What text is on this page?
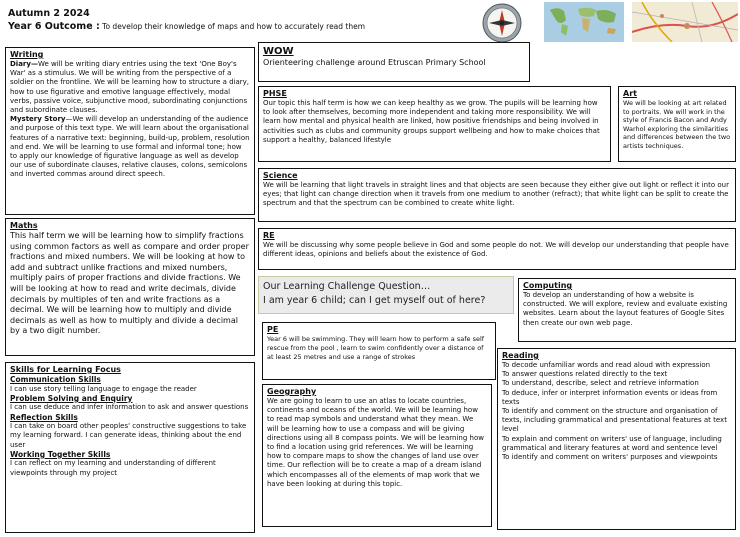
Autumn 2 2024
Year 6 Outcome : To develop their knowledge of maps and how to accurately read them
Writing
Diary—We will be writing diary entries using the text 'One Boy's War' as a stimulus. We will be writing from the perspective of a soldier on the frontline. We will be learning how to structure a diary, how to use figurative and emotive language effectively, modal verbs, passive voice, subjunctive mood, subordinating conjunctions and subordinate clauses.
Mystery Story—We will develop an understanding of the audience and purpose of this text type. We will learn about the organisational features of a narrative text: beginning, build-up, problem, resolution and end. We will be learning to use formal and informal tone; how to apply our knowledge of figurative language as well as develop our use of subordinate clauses, relative clauses, colons, semicolons and inverted commas around direct speech.
Maths
This half term we will be learning how to simplify fractions using common factors as well as compare and order proper fractions and mixed numbers. We will be looking at how to add and subtract unlike fractions and mixed numbers, multiply pairs of proper fractions and divide fractions. We will be looking at how to read and write decimals, divide decimals by multiples of ten and write fractions as a decimal. We will be learning how to multiply and divide decimals as well as how to multiply and divide a decimal by a two digit number.
Skills for Learning Focus
Communication Skills
I can use story telling language to engage the reader
Problem Solving and Enquiry
I can use deduce and infer information to ask and answer questions
Reflection Skills
I can take on board other peoples' constructive suggestions to take my learning forward. I can generate ideas, thinking about the end user
Working Together Skills
I can reflect on my learning and understanding of different viewpoints through my project
WOW
Orienteering challenge around Etruscan Primary School
PHSE
Our topic this half term is how we can keep healthy as we grow. The pupils will be learning how to look after themselves, becoming more independent and taking more responsibility. We will learn how mental and physical health are linked, how positive friendships and being involved in activities such as clubs and community groups support wellbeing and how to make choices that support a healthy, balanced lifestyle
Art
We will be looking at art related to portraits. We will work in the style of Francis Bacon and Andy Warhol exploring the similarities and differences between the two artists techniques.
Science
We will be learning that light travels in straight lines and that objects are seen because they either give out light or reflect it into our eyes; that light can change direction when it travels from one medium to another (refract); that white light can be split to create the spectrum and that the spectrum can be combined to create white light.
RE
We will be discussing why some people believe in God and some people do not. We will develop our understanding that people have different ideas, opinions and beliefs about the existence of God.
Our Learning Challenge Question…
I am year 6 child; can I get myself out of here?
PE
Year 6 will be swimming. They will learn how to perform a safe self rescue from the pool , learn to swim confidently over a distance of at least 25 metres and use a range of strokes
Geography
We are going to learn to use an atlas to locate countries, continents and oceans of the world. We will be learning how to read map symbols and understand what they mean. We will be learning how to use a compass and will be giving directions using all 8 compass points. We will be learning how to find a location using grid references. We will be learning how to compare maps to show the changes of land use over time. Our reflection will be to create a map of a dream island which encompasses all of the elements of map work that we have been looking at during this topic.
Computing
To develop an understanding of how a website is constructed. We will explore, review and evaluate existing websites. Learn about the layout features of Google Sites then create our own web page.
Reading
To decode unfamiliar words and read aloud with expression
To answer questions related directly to the text
To understand, describe, select and retrieve information
To deduce, infer or interpret information events or ideas from texts
To identify and comment on the structure and organisation of texts, including grammatical and presentational features at text level
To explain and comment on writers' use of language, including grammatical and literary features at word and sentence level
To identify and comment on writers' purposes and viewpoints
